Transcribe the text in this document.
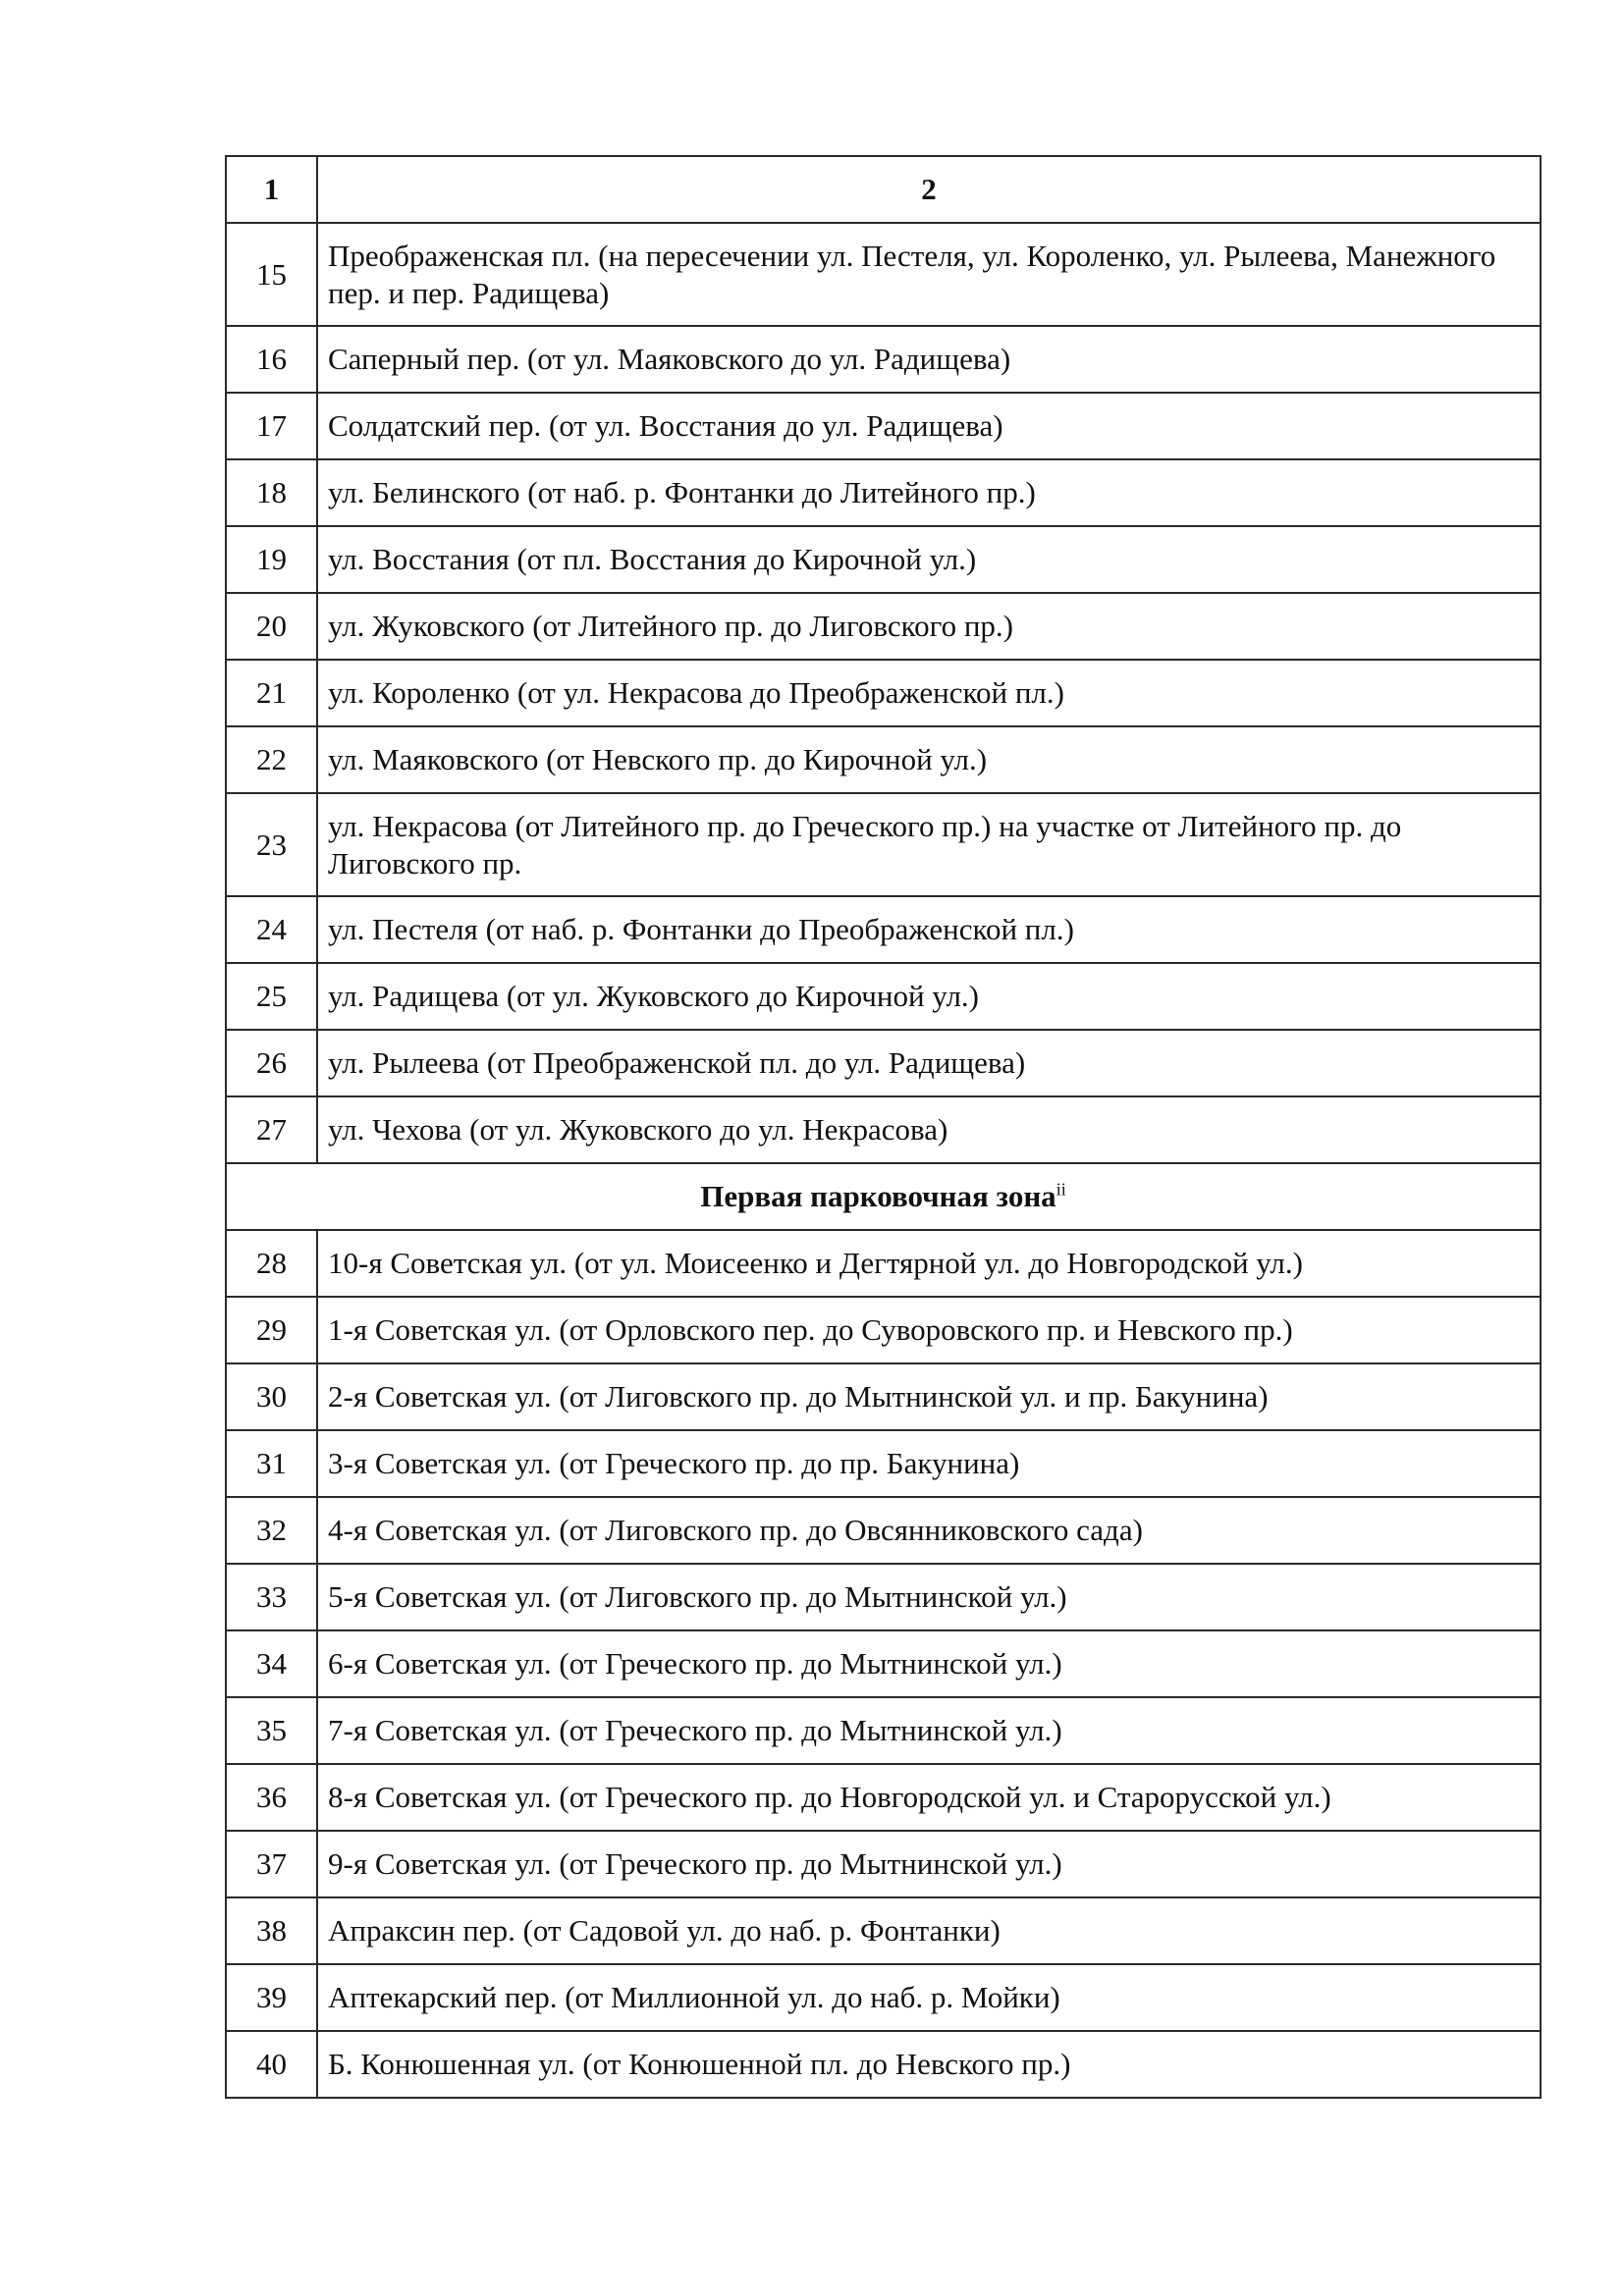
1	2
15	Преображенская пл. (на пересечении ул. Пестеля, ул. Короленко, ул. Рылеева, Манежного пер. и пер. Радищева)
16	Саперный пер. (от ул. Маяковского до ул. Радищева)
17	Солдатский пер. (от ул. Восстания до ул. Радищева)
18	ул. Белинского (от наб. р. Фонтанки до Литейного пр.)
19	ул. Восстания (от пл. Восстания до Кирочной ул.)
20	ул. Жуковского (от Литейного пр. до Лиговского пр.)
21	ул. Короленко (от ул. Некрасова до Преображенской пл.)
22	ул. Маяковского (от Невского пр. до Кирочной ул.)
23	ул. Некрасова (от Литейного пр. до Греческого пр.) на участке от Литейного пр. до Лиговского пр.
24	ул. Пестеля (от наб. р. Фонтанки до Преображенской пл.)
25	ул. Радищева (от ул. Жуковского до Кирочной ул.)
26	ул. Рылеева (от Преображенской пл. до ул. Радищева)
27	ул. Чехова (от ул. Жуковского до ул. Некрасова)
Первая парковочная зона$^{ii}$
28	10-я Советская ул. (от ул. Моисеенко и Дегтярной ул. до Новгородской ул.)
29	1-я Советская ул. (от Орловского пер. до Суворовского пр. и Невского пр.)
30	2-я Советская ул. (от Лиговского пр. до Мытнинской ул. и пр. Бакунина)
31	3-я Советская ул. (от Греческого пр. до пр. Бакунина)
32	4-я Советская ул. (от Лиговского пр. до Овсянниковского сада)
33	5-я Советская ул. (от Лиговского пр. до Мытнинской ул.)
34	6-я Советская ул. (от Греческого пр. до Мытнинской ул.)
35	7-я Советская ул. (от Греческого пр. до Мытнинской ул.)
36	8-я Советская ул. (от Греческого пр. до Новгородской ул. и Старорусской ул.)
37	9-я Советская ул. (от Греческого пр. до Мытнинской ул.)
38	Апраксин пер. (от Садовой ул. до наб. р. Фонтанки)
39	Аптекарский пер. (от Миллионной ул. до наб. р. Мойки)
40	Б. Конюшенная ул. (от Конюшенной пл. до Невского пр.)
